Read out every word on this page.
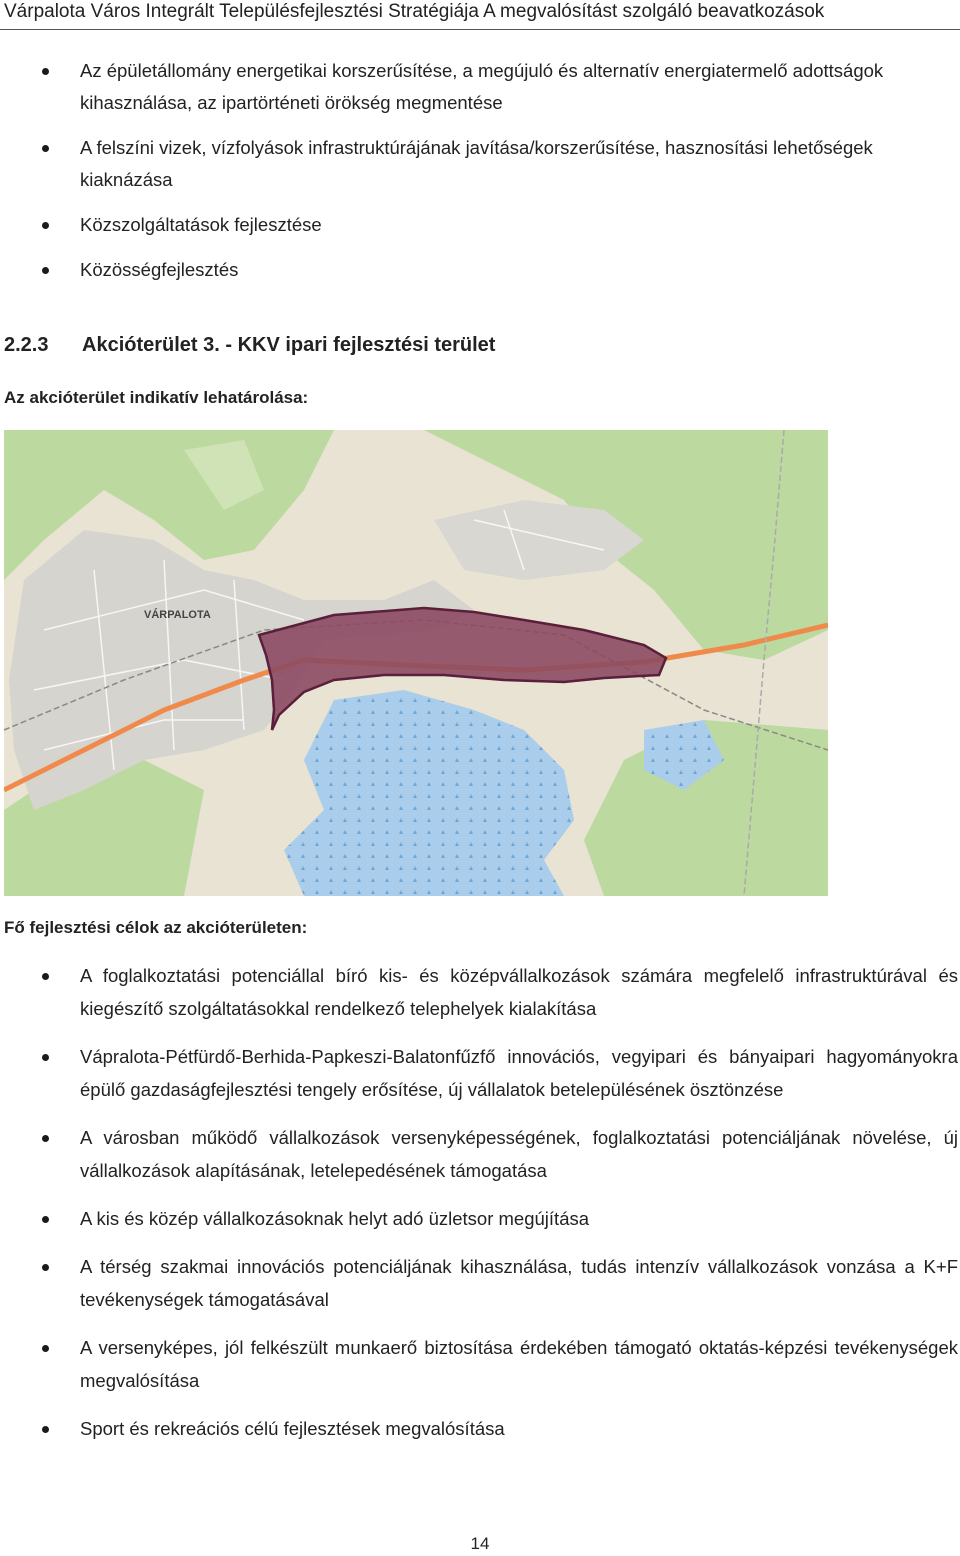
Várpalota Város Integrált Településfejlesztési Stratégiája A megvalósítást szolgáló beavatkozások
Az épületállomány energetikai korszerűsítése, a megújuló és alternatív energiatermelő adottságok kihasználása, az ipartörténeti örökség megmentése
A felszíni vizek, vízfolyások infrastruktúrájának javítása/korszerűsítése, hasznosítási lehetőségek kiaknázása
Közszolgáltatások fejlesztése
Közösségfejlesztés
2.2.3 Akcióterület 3. - KKV ipari fejlesztési terület
Az akcióterület indikatív lehatárolása:
VÁRPALOTA
Fő fejlesztési célok az akcióterületen:
A foglalkoztatási potenciállal bíró kis- és középvállalkozások számára megfelelő infrastruktúrával és kiegészítő szolgáltatásokkal rendelkező telephelyek kialakítása
Vápralota-Pétfürdő-Berhida-Papkeszi-Balatonfűzfő innovációs, vegyipari és bányaipari hagyományokra épülő gazdaságfejlesztési tengely erősítése, új vállalatok betelepülésének ösztönzése
A városban működő vállalkozások versenyképességének, foglalkoztatási potenciáljának növelése, új vállalkozások alapításának, letelepedésének támogatása
A kis és közép vállalkozásoknak helyt adó üzletsor megújítása
A térség szakmai innovációs potenciáljának kihasználása, tudás intenzív vállalkozások vonzása a K+F tevékenységek támogatásával
A versenyképes, jól felkészült munkaerő biztosítása érdekében támogató oktatás-képzési tevékenységek megvalósítása
Sport és rekreációs célú fejlesztések megvalósítása
14
